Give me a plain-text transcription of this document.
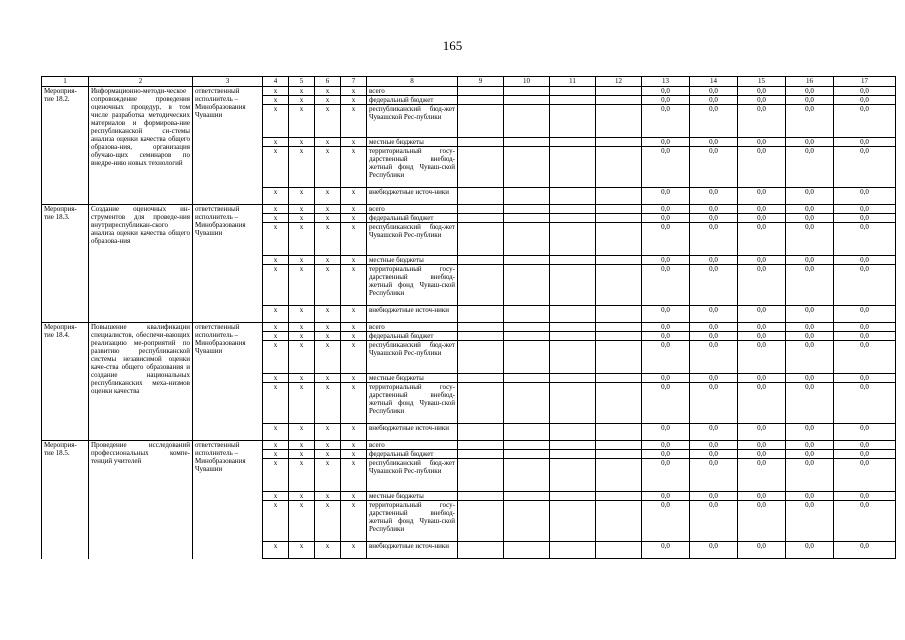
165
1	2	3	4	5	6	7	8	9	10	11	12	13	14	15	16	17
Мероприя-тие 18.2.	Информационно-методи-ческое сопровождение проведения оценочных процедур, в том числе разработка методических материалов и формирова-ние республиканской си-стемы анализа оценки качества общего образова-ния, организация обучаю-щих семинаров по внедре-нию новых технологий	ответственный исполнитель – Минобразования Чувашии	x	x	x	x	всего					0,0	0,0	0,0	0,0	0,0
			x	x	x	x	федеральный бюджет					0,0	0,0	0,0	0,0	0,0
			x	x	x	x	республиканский бюд-жет Чувашской Рес-публики					0,0	0,0	0,0	0,0	0,0
			x	x	x	x	местные бюджеты					0,0	0,0	0,0	0,0	0,0
			x	x	x	x	территориальный госу-дарственный внебюд-жетный фонд Чуваш-ской Республики					0,0	0,0	0,0	0,0	0,0
			x	x	x	x	внебюджетные источ-ники					0,0	0,0	0,0	0,0	0,0
Мероприя-тие 18.3.	Создание оценочных ин-струментов для проведе-ния внутриреспубликан-ского анализа оценки качества общего образова-ния	ответственный исполнитель – Минобразования Чувашии	x	x	x	x	всего					0,0	0,0	0,0	0,0	0,0
			x	x	x	x	федеральный бюджет					0,0	0,0	0,0	0,0	0,0
			x	x	x	x	республиканский бюд-жет Чувашской Рес-публики					0,0	0,0	0,0	0,0	0,0
			x	x	x	x	местные бюджеты					0,0	0,0	0,0	0,0	0,0
			x	x	x	x	территориальный госу-дарственный внебюд-жетный фонд Чуваш-ской Республики					0,0	0,0	0,0	0,0	0,0
			x	x	x	x	внебюджетные источ-ники					0,0	0,0	0,0	0,0	0,0
Мероприя-тие 18.4.	Повышение квалификации специалистов, обеспечи-вающих реализацию ме-роприятий по развитию республиканской системы независимой оценки каче-ства общего образования и создание национальных республиканских меха-низмов оценки качества	ответственный исполнитель – Минобразования Чувашии	x	x	x	x	всего					0,0	0,0	0,0	0,0	0,0
			x	x	x	x	федеральный бюджет					0,0	0,0	0,0	0,0	0,0
			x	x	x	x	республиканский бюд-жет Чувашской Рес-публики					0,0	0,0	0,0	0,0	0,0
			x	x	x	x	местные бюджеты					0,0	0,0	0,0	0,0	0,0
			x	x	x	x	территориальный госу-дарственный внебюд-жетный фонд Чуваш-ской Республики					0,0	0,0	0,0	0,0	0,0
			x	x	x	x	внебюджетные источ-ники					0,0	0,0	0,0	0,0	0,0
Мероприя-тие 18.5.	Проведение исследований профессиональных компе-тенций учителей	ответственный исполнитель – Минобразования Чувашии	x	x	x	x	всего					0,0	0,0	0,0	0,0	0,0
			x	x	x	x	федеральный бюджет					0,0	0,0	0,0	0,0	0,0
			x	x	x	x	республиканский бюд-жет Чувашской Рес-публики					0,0	0,0	0,0	0,0	0,0
			x	x	x	x	местные бюджеты					0,0	0,0	0,0	0,0	0,0
			x	x	x	x	территориальный госу-дарственный внебюд-жетный фонд Чуваш-ской Республики					0,0	0,0	0,0	0,0	0,0
			x	x	x	x	внебюджетные источ-ники					0,0	0,0	0,0	0,0	0,0
